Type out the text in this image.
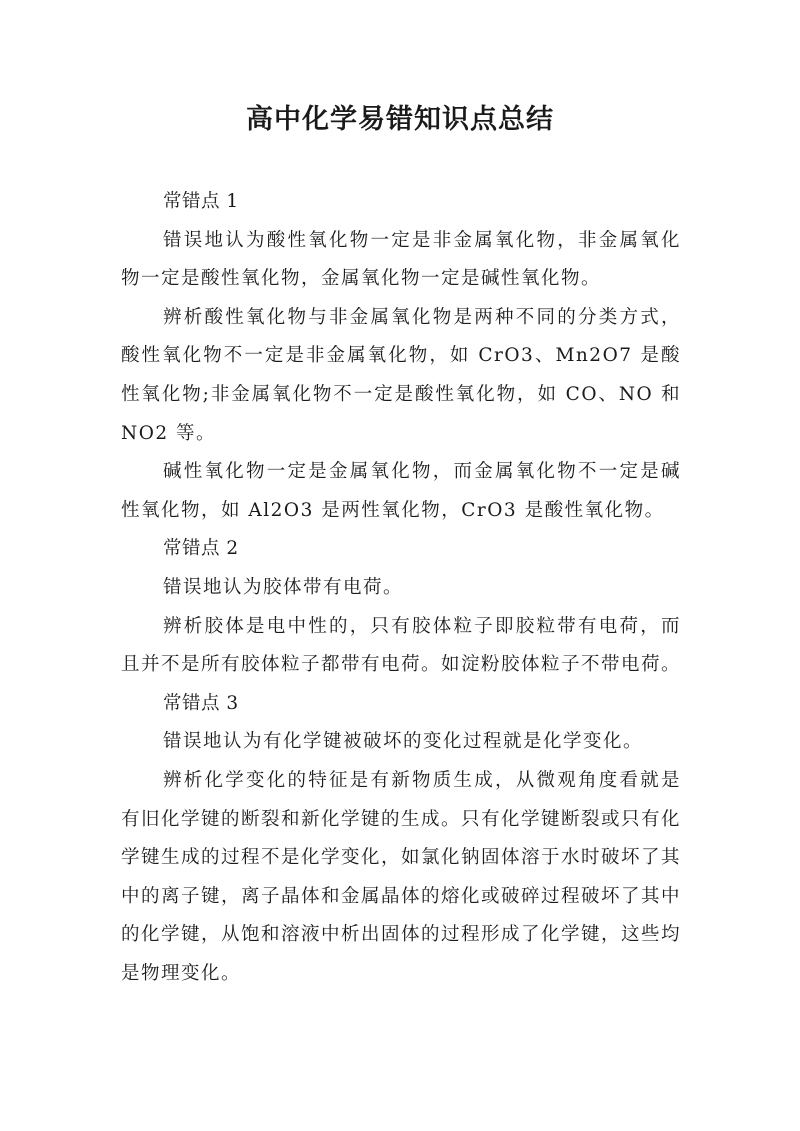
高中化学易错知识点总结

常错点 1

错误地认为酸性氧化物一定是非金属氧化物，非金属氧化物一定是酸性氧化物，金属氧化物一定是碱性氧化物。

辨析酸性氧化物与非金属氧化物是两种不同的分类方式，酸性氧化物不一定是非金属氧化物，如 CrO3、Mn2O7 是酸性氧化物;非金属氧化物不一定是酸性氧化物，如 CO、NO 和 NO2 等。

碱性氧化物一定是金属氧化物，而金属氧化物不一定是碱性氧化物，如 Al2O3 是两性氧化物，CrO3 是酸性氧化物。

常错点 2

错误地认为胶体带有电荷。

辨析胶体是电中性的，只有胶体粒子即胶粒带有电荷，而且并不是所有胶体粒子都带有电荷。如淀粉胶体粒子不带电荷。

常错点 3

错误地认为有化学键被破坏的变化过程就是化学变化。

辨析化学变化的特征是有新物质生成，从微观角度看就是有旧化学键的断裂和新化学键的生成。只有化学键断裂或只有化学键生成的过程不是化学变化，如氯化钠固体溶于水时破坏了其中的离子键，离子晶体和金属晶体的熔化或破碎过程破坏了其中的化学键，从饱和溶液中析出固体的过程形成了化学键，这些均是物理变化。
